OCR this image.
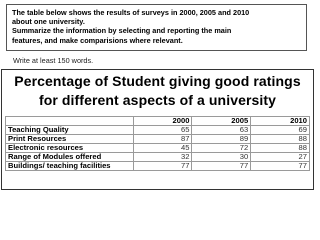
The table below shows the results of surveys in 2000, 2005 and 2010
about one university.
Summarize the information by selecting and reporting the main
features, and make comparisions where relevant.
Write at least 150 words.
Percentage of Student giving good ratings
for different aspects of a university
	2000	2005	2010
Teaching Quality	65	63	69
Print Resources	87	89	88
Electronic resources	45	72	88
Range of Modules offered	32	30	27
Buildings/ teaching facilities	77	77	77
